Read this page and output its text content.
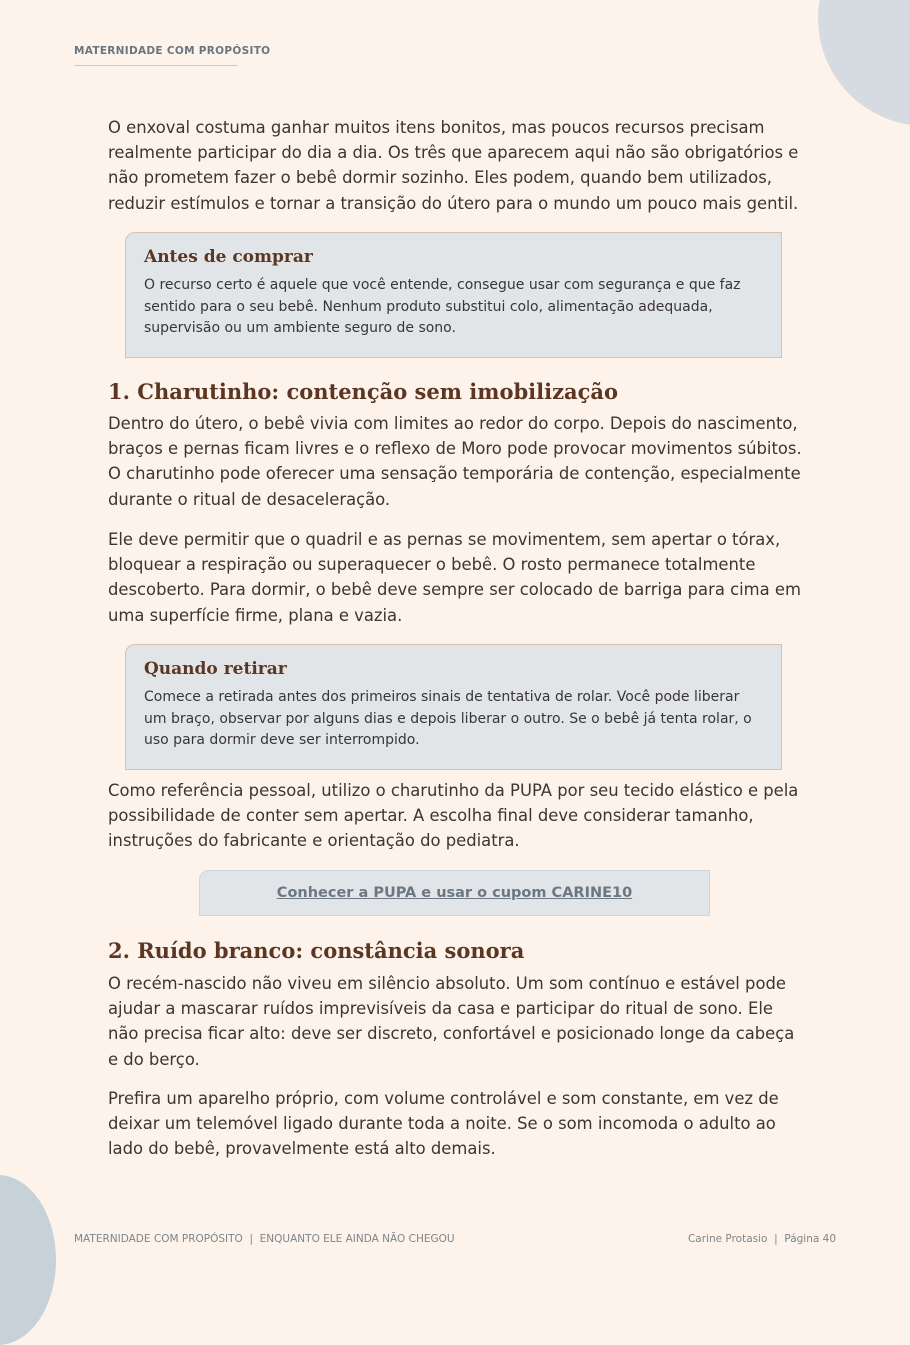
MATERNIDADE COM PROPÓSITO

O enxoval costuma ganhar muitos itens bonitos, mas poucos recursos precisam realmente participar do dia a dia. Os três que aparecem aqui não são obrigatórios e não prometem fazer o bebê dormir sozinho. Eles podem, quando bem utilizados, reduzir estímulos e tornar a transição do útero para o mundo um pouco mais gentil.

Antes de comprar

O recurso certo é aquele que você entende, consegue usar com segurança e que faz sentido para o seu bebê. Nenhum produto substitui colo, alimentação adequada, supervisão ou um ambiente seguro de sono.

1. Charutinho: contenção sem imobilização

Dentro do útero, o bebê vivia com limites ao redor do corpo. Depois do nascimento, braços e pernas ficam livres e o reflexo de Moro pode provocar movimentos súbitos. O charutinho pode oferecer uma sensação temporária de contenção, especialmente durante o ritual de desaceleração.

Ele deve permitir que o quadril e as pernas se movimentem, sem apertar o tórax, bloquear a respiração ou superaquecer o bebê. O rosto permanece totalmente descoberto. Para dormir, o bebê deve sempre ser colocado de barriga para cima em uma superfície firme, plana e vazia.

Quando retirar

Comece a retirada antes dos primeiros sinais de tentativa de rolar. Você pode liberar um braço, observar por alguns dias e depois liberar o outro. Se o bebê já tenta rolar, o uso para dormir deve ser interrompido.

Como referência pessoal, utilizo o charutinho da PUPA por seu tecido elástico e pela possibilidade de conter sem apertar. A escolha final deve considerar tamanho, instruções do fabricante e orientação do pediatra.

Conhecer a PUPA e usar o cupom CARINE10
2. Ruído branco: constância sonora

O recém-nascido não viveu em silêncio absoluto. Um som contínuo e estável pode ajudar a mascarar ruídos imprevisíveis da casa e participar do ritual de sono. Ele não precisa ficar alto: deve ser discreto, confortável e posicionado longe da cabeça e do berço.

Prefira um aparelho próprio, com volume controlável e som constante, em vez de deixar um telemóvel ligado durante toda a noite. Se o som incomoda o adulto ao lado do bebê, provavelmente está alto demais.

MATERNIDADE COM PROPÓSITO  |  ENQUANTO ELE AINDA NÃO CHEGOU	Carine Protasio  |  Página 40
